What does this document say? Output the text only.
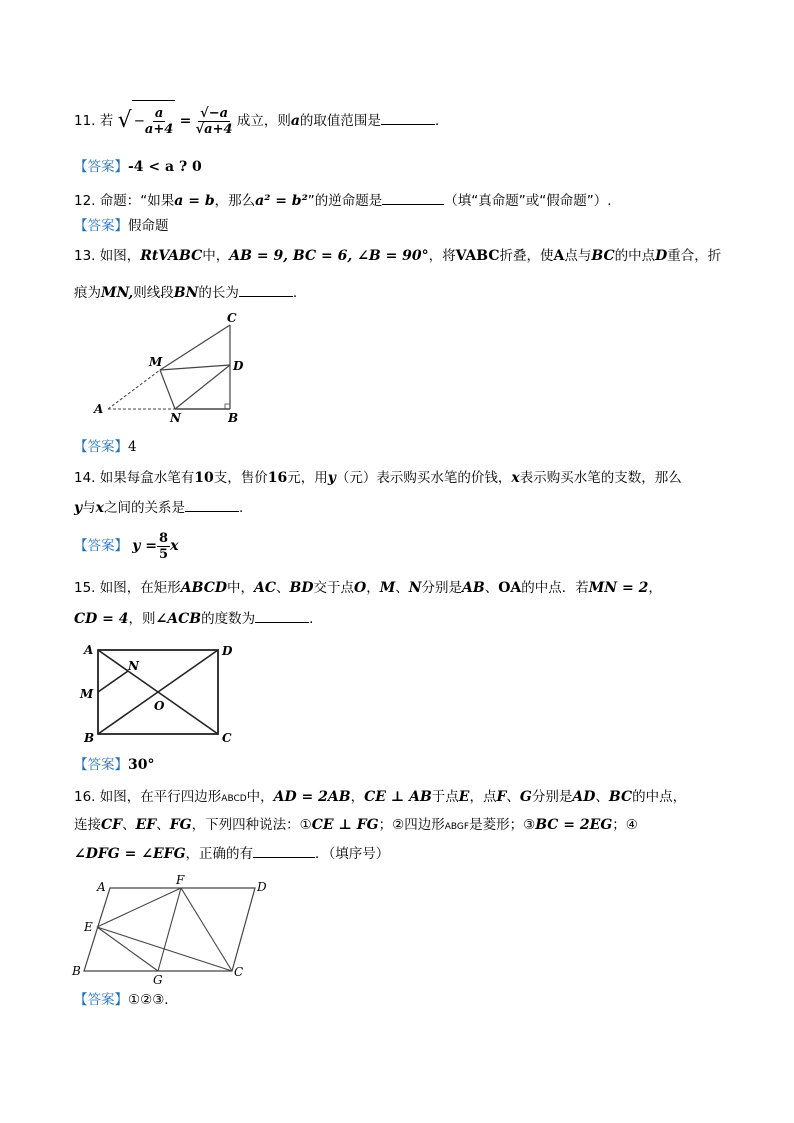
11. 若 √ − $\frac{a}{a+4} = \frac{√-a}{√a+4}$ 成立，则a的取值范围是	.
【答案】-4 < a ? 0
12. 命题：“如果a = b，那么a² = b²”的逆命题是	（填“真命题”或“假命题”）.
【答案】假命题
13. 如图，RtVABC中，AB = 9, BC = 6, ∠B = 90°，将VABC折叠，使A点与BC的中点D重合，折
痕为MN,则线段BN的长为	.
C
M	D
A
N	B
【答案】4
14. 如果每盒水笔有10支，售价16元，用y（元）表示购买水笔的价钱，x表示购买水笔的支数，那么
y与x之间的关系是	.
【答案】 $y = \frac{8}{5}$ x
15. 如图，在矩形ABCD中，AC、BD交于点O，M、N分别是AB、OA的中点．若MN = 2，
CD = 4，则∠ACB的度数为	.
A	D
N
M
O
B	C
【答案】30°
16. 如图，在平行四边形ABCD中，AD = 2AB，CE ⊥ AB于点E，点F、G分别是AD、BC的中点，
连接CF、EF、FG，下列四种说法：①CE ⊥ FG；②四边形ABGF是菱形；③BC = 2EG；④
∠DFG = ∠EFG，正确的有	．（填序号）
A	F	D
E
B
G
C
【答案】①②③.
